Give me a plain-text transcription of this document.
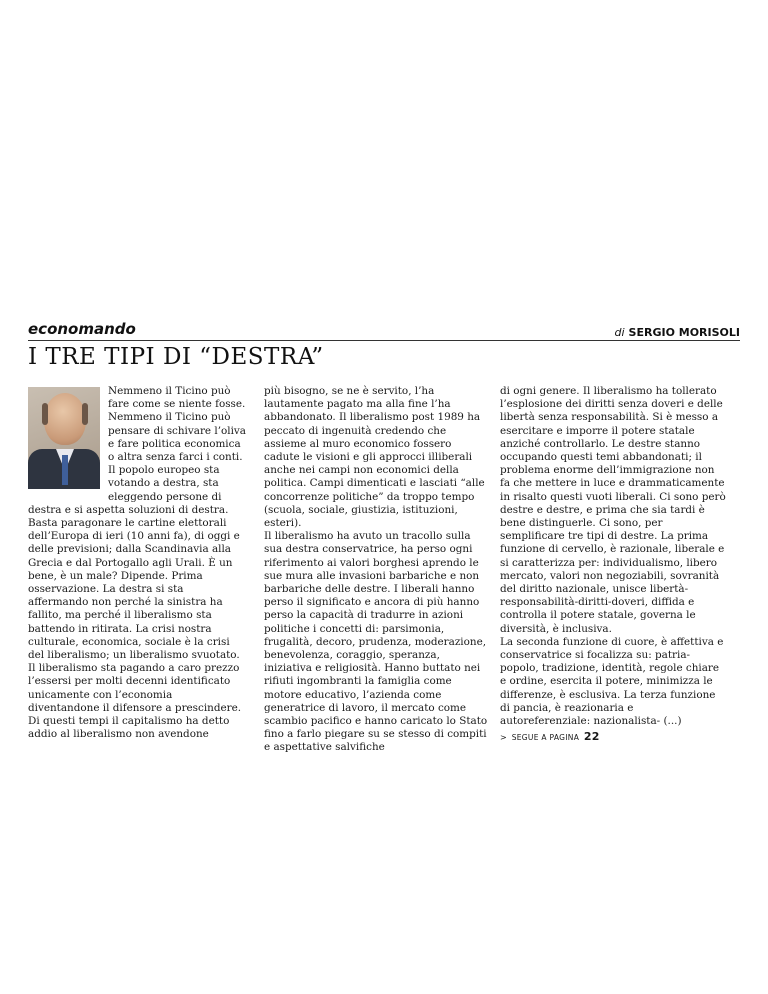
economando	di SERGIO MORISOLI
I TRE TIPI DI “DESTRA”

Nemmeno il Ticino può fare come se niente fosse. Nemmeno il Ticino può pensare di schivare l’oliva e fare politica economica o altra senza farci i conti. Il popolo europeo sta votando a destra, sta eleggendo persone di destra e si aspetta soluzioni di destra. Basta paragonare le cartine elettorali dell’Europa di ieri (10 anni fa), di oggi e delle previsioni; dalla Scandinavia alla Grecia e dal Portogallo agli Urali. È un bene, è un male? Dipende. Prima osservazione. La destra si sta affermando non perché la sinistra ha fallito, ma perché il liberalismo sta battendo in ritirata. La crisi nostra culturale, economica, sociale è la crisi del liberalismo; un liberalismo svuotato. Il liberalismo sta pagando a caro prezzo l’essersi per molti decenni identificato unicamente con l’economia diventandone il difensore a prescindere. Di questi tempi il capitalismo ha detto addio al liberalismo non avendone

più bisogno, se ne è servito, l’ha lautamente pagato ma alla fine l’ha abbandonato. Il liberalismo post 1989 ha peccato di ingenuità credendo che assieme al muro economico fossero cadute le visioni e gli approcci illiberali anche nei campi non economici della politica. Campi dimenticati e lasciati “alle concorrenze politiche” da troppo tempo (scuola, sociale, giustizia, istituzioni, esteri).

Il liberalismo ha avuto un tracollo sulla sua destra conservatrice, ha perso ogni riferimento ai valori borghesi aprendo le sue mura alle invasioni barbariche e non barbariche delle destre. I liberali hanno perso il significato e ancora di più hanno perso la capacità di tradurre in azioni politiche i concetti di: parsimonia, frugalità, decoro, prudenza, moderazione, benevolenza, coraggio, speranza, iniziativa e religiosità. Hanno buttato nei rifiuti ingombranti la famiglia come motore educativo, l’azienda come generatrice di lavoro, il mercato come scambio pacifico e hanno caricato lo Stato fino a farlo piegare su se stesso di compiti e aspettative salvifiche

di ogni genere. Il liberalismo ha tollerato l’esplosione dei diritti senza doveri e delle libertà senza responsabilità. Si è messo a esercitare e imporre il potere statale anziché controllarlo. Le destre stanno occupando questi temi abbandonati; il problema enorme dell’immigrazione non fa che mettere in luce e drammaticamente in risalto questi vuoti liberali. Ci sono però destre e destre, e prima che sia tardi è bene distinguerle. Ci sono, per semplificare tre tipi di destre. La prima funzione di cervello, è razionale, liberale e si caratterizza per: individualismo, libero mercato, valori non negoziabili, sovranità del diritto nazionale, unisce libertà-responsabilità-diritti-doveri, diffida e controlla il potere statale, governa le diversità, è inclusiva.

La seconda funzione di cuore, è affettiva e conservatrice si focalizza su: patria-popolo, tradizione, identità, regole chiare e ordine, esercita il potere, minimizza le differenze, è esclusiva. La terza funzione di pancia, è reazionaria e autoreferenziale: nazionalista- (...)

> SEGUE A PAGINA 22
